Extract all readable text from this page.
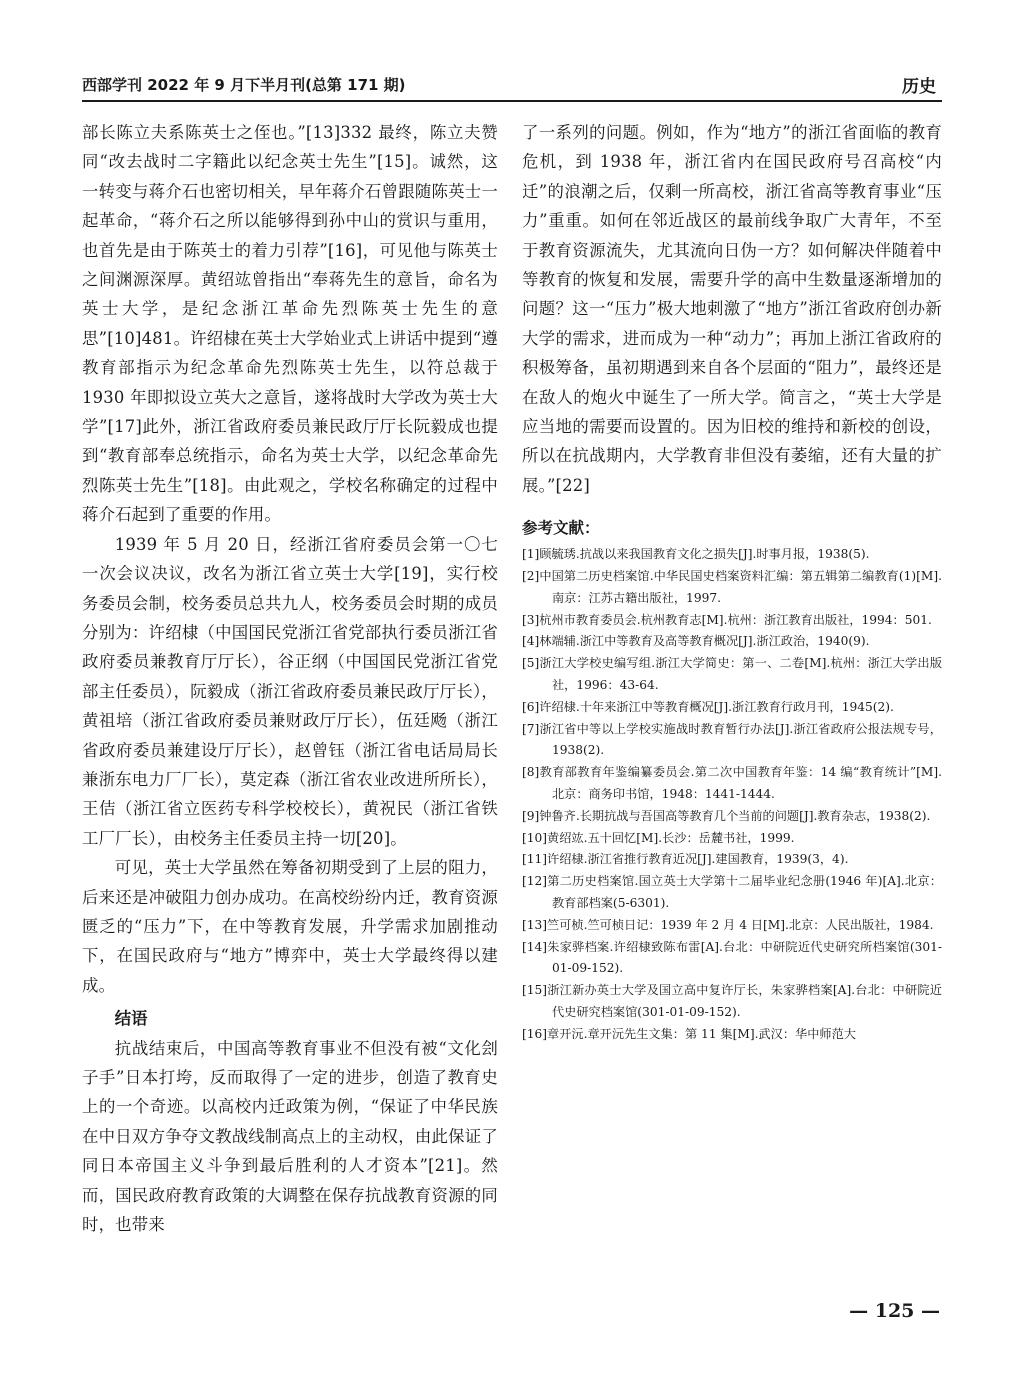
西部学刊 2022 年 9 月下半月刊(总第 171 期)	历史

部长陈立夫系陈英士之侄也。”[13]332 最终，陈立夫赞同“改去战时二字籍此以纪念英士先生”[15]。诚然，这一转变与蒋介石也密切相关，早年蒋介石曾跟随陈英士一起革命，“蒋介石之所以能够得到孙中山的赏识与重用，也首先是由于陈英士的着力引荐”[16]，可见他与陈英士之间渊源深厚。黄绍竑曾指出“奉蒋先生的意旨，命名为英士大学，是纪念浙江革命先烈陈英士先生的意思”[10]481。许绍棣在英士大学始业式上讲话中提到“遵教育部指示为纪念革命先烈陈英士先生，以符总裁于 1930 年即拟设立英大之意旨，遂将战时大学改为英士大学”[17]此外，浙江省政府委员兼民政厅厅长阮毅成也提到“教育部奉总统指示，命名为英士大学，以纪念革命先烈陈英士先生”[18]。由此观之，学校名称确定的过程中蒋介石起到了重要的作用。

1939 年 5 月 20 日，经浙江省府委员会第一〇七一次会议决议，改名为浙江省立英士大学[19]，实行校务委员会制，校务委员总共九人，校务委员会时期的成员分别为：许绍棣（中国国民党浙江省党部执行委员浙江省政府委员兼教育厅厅长），谷正纲（中国国民党浙江省党部主任委员），阮毅成（浙江省政府委员兼民政厅厅长），黄祖培（浙江省政府委员兼财政厅厅长），伍廷飏（浙江省政府委员兼建设厅厅长），赵曾钰（浙江省电话局局长兼浙东电力厂厂长），莫定森（浙江省农业改进所所长），王佶（浙江省立医药专科学校校长），黄祝民（浙江省铁工厂厂长），由校务主任委员主持一切[20]。

可见，英士大学虽然在筹备初期受到了上层的阻力，后来还是冲破阻力创办成功。在高校纷纷内迁，教育资源匮乏的“压力”下，在中等教育发展，升学需求加剧推动下，在国民政府与“地方”博弈中，英士大学最终得以建成。

结语

抗战结束后，中国高等教育事业不但没有被“文化刽子手”日本打垮，反而取得了一定的进步，创造了教育史上的一个奇迹。以高校内迁政策为例，“保证了中华民族在中日双方争夺文教战线制高点上的主动权，由此保证了同日本帝国主义斗争到最后胜利的人才资本”[21]。然而，国民政府教育政策的大调整在保存抗战教育资源的同时，也带来

了一系列的问题。例如，作为“地方”的浙江省面临的教育危机，到 1938 年，浙江省内在国民政府号召高校“内迁”的浪潮之后，仅剩一所高校，浙江省高等教育事业“压力”重重。如何在邻近战区的最前线争取广大青年，不至于教育资源流失，尤其流向日伪一方？如何解决伴随着中等教育的恢复和发展，需要升学的高中生数量逐渐增加的问题？这一“压力”极大地刺激了“地方”浙江省政府创办新大学的需求，进而成为一种“动力”；再加上浙江省政府的积极筹备，虽初期遇到来自各个层面的“阻力”，最终还是在敌人的炮火中诞生了一所大学。简言之，“英士大学是应当地的需要而设置的。因为旧校的维持和新校的创设，所以在抗战期内，大学教育非但没有萎缩，还有大量的扩展。”[22]

参考文献：
[1]顾毓琇.抗战以来我国教育文化之损失[J].时事月报，1938(5).
[2]中国第二历史档案馆.中华民国史档案资料汇编：第五辑第二编教育(1)[M].南京：江苏古籍出版社，1997.
[3]杭州市教育委员会.杭州教育志[M].杭州：浙江教育出版社，1994：501.
[4]林端辅.浙江中等教育及高等教育概况[J].浙江政治，1940(9).
[5]浙江大学校史编写组.浙江大学简史：第一、二卷[M].杭州：浙江大学出版社，1996：43-64.
[6]许绍棣.十年来浙江中等教育概况[J].浙江教育行政月刊，1945(2).
[7]浙江省中等以上学校实施战时教育暂行办法[J].浙江省政府公报法规专号，1938(2).
[8]教育部教育年鉴编纂委员会.第二次中国教育年鉴：14 编“教育统计”[M].北京：商务印书馆，1948：1441-1444.
[9]钟鲁齐.长期抗战与吾国高等教育几个当前的问题[J].教育杂志，1938(2).
[10]黄绍竑.五十回忆[M].长沙：岳麓书社，1999.
[11]许绍棣.浙江省推行教育近况[J].建国教育，1939(3，4).
[12]第二历史档案馆.国立英士大学第十二届毕业纪念册(1946 年)[A].北京：教育部档案(5-6301).
[13]竺可桢.竺可桢日记：1939 年 2 月 4 日[M].北京：人民出版社，1984.
[14]朱家骅档案.许绍棣致陈布雷[A].台北：中研院近代史研究所档案馆(301-01-09-152).
[15]浙江新办英士大学及国立高中复许厅长，朱家骅档案[A].台北：中研院近代史研究档案馆(301-01-09-152).
[16]章开沅.章开沅先生文集：第 11 集[M].武汉：华中师范大
— 125 —
